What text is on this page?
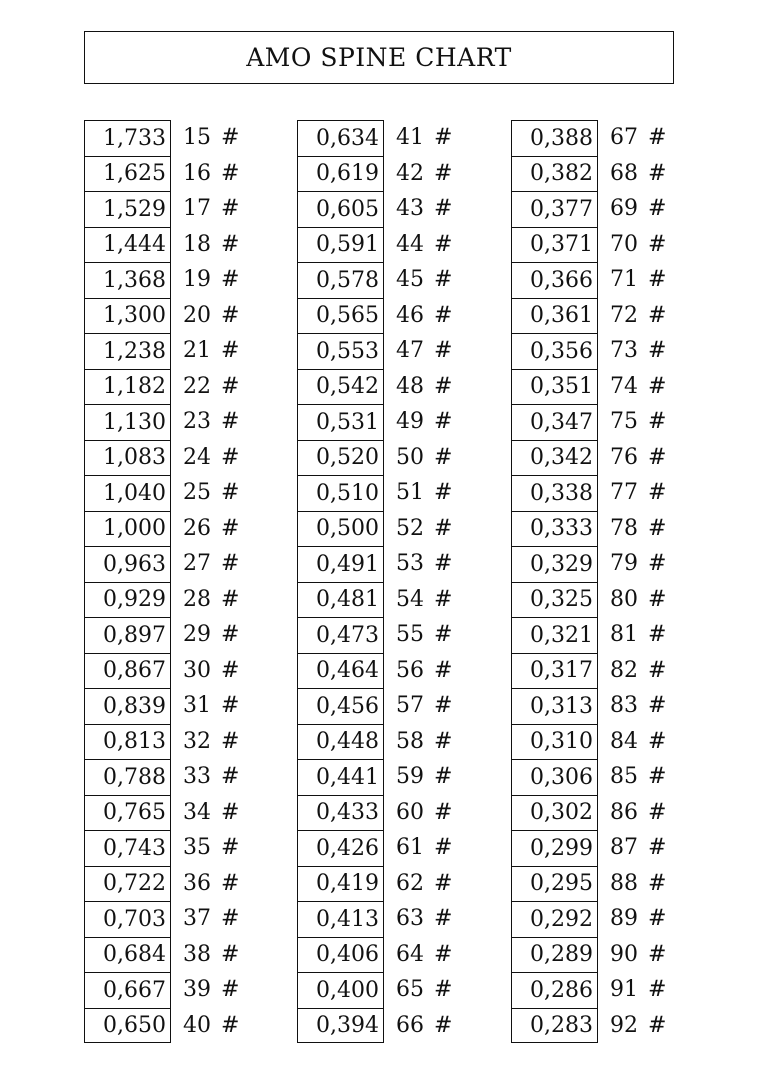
AMO SPINE CHART
1,733 15 #
1,625 16 #
1,529 17 #
1,444 18 #
1,368 19 #
1,300 20 #
1,238 21 #
1,182 22 #
1,130 23 #
1,083 24 #
1,040 25 #
1,000 26 #
0,963 27 #
0,929 28 #
0,897 29 #
0,867 30 #
0,839 31 #
0,813 32 #
0,788 33 #
0,765 34 #
0,743 35 #
0,722 36 #
0,703 37 #
0,684 38 #
0,667 39 #
0,650 40 #
0,634 41 #
0,619 42 #
0,605 43 #
0,591 44 #
0,578 45 #
0,565 46 #
0,553 47 #
0,542 48 #
0,531 49 #
0,520 50 #
0,510 51 #
0,500 52 #
0,491 53 #
0,481 54 #
0,473 55 #
0,464 56 #
0,456 57 #
0,448 58 #
0,441 59 #
0,433 60 #
0,426 61 #
0,419 62 #
0,413 63 #
0,406 64 #
0,400 65 #
0,394 66 #
0,388 67 #
0,382 68 #
0,377 69 #
0,371 70 #
0,366 71 #
0,361 72 #
0,356 73 #
0,351 74 #
0,347 75 #
0,342 76 #
0,338 77 #
0,333 78 #
0,329 79 #
0,325 80 #
0,321 81 #
0,317 82 #
0,313 83 #
0,310 84 #
0,306 85 #
0,302 86 #
0,299 87 #
0,295 88 #
0,292 89 #
0,289 90 #
0,286 91 #
0,283 92 #
